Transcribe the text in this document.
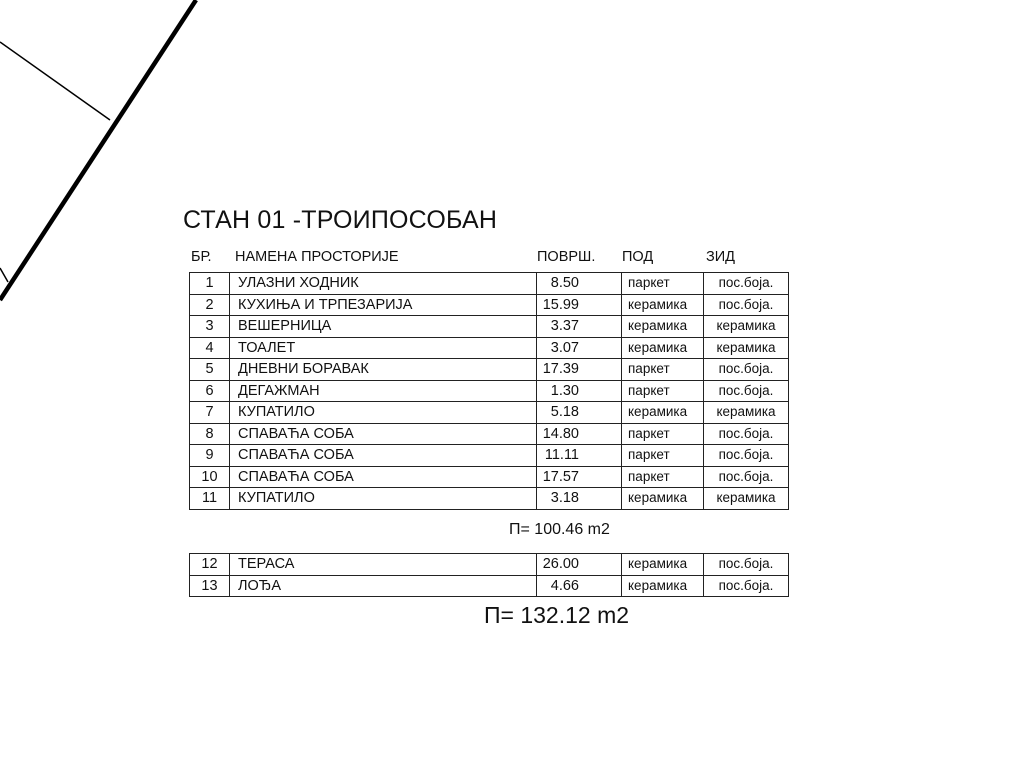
СТАН 01 -ТРОИПОСОБАН
БР. НАМЕНА ПРОСТОРИЈЕ	ПОВРШ. ПОД	ЗИД
1	УЛАЗНИ ХОДНИК	8.50	паркет	пос.боја.
2	КУХИЊА И ТРПЕЗАРИЈА	15.99	керамика	пос.боја.
3	ВЕШЕРНИЦА	3.37	керамика	керамика
4	ТОАЛЕТ	3.07	керамика	керамика
5	ДНЕВНИ БОРАВАК	17.39	паркет	пос.боја.
6	ДЕГАЖМАН	1.30	паркет	пос.боја.
7	КУПАТИЛО	5.18	керамика	керамика
8	СПАВАЋА СОБА	14.80	паркет	пос.боја.
9	СПАВАЋА СОБА	11.11	паркет	пос.боја.
10	СПАВАЋА СОБА	17.57	паркет	пос.боја.
11	КУПАТИЛО	3.18	керамика	керамика
П= 100.46 m2
12	ТЕРАСА	26.00	керамика	пос.боја.
13	ЛОЂА	4.66	керамика	пос.боја.
П= 132.12 m2
